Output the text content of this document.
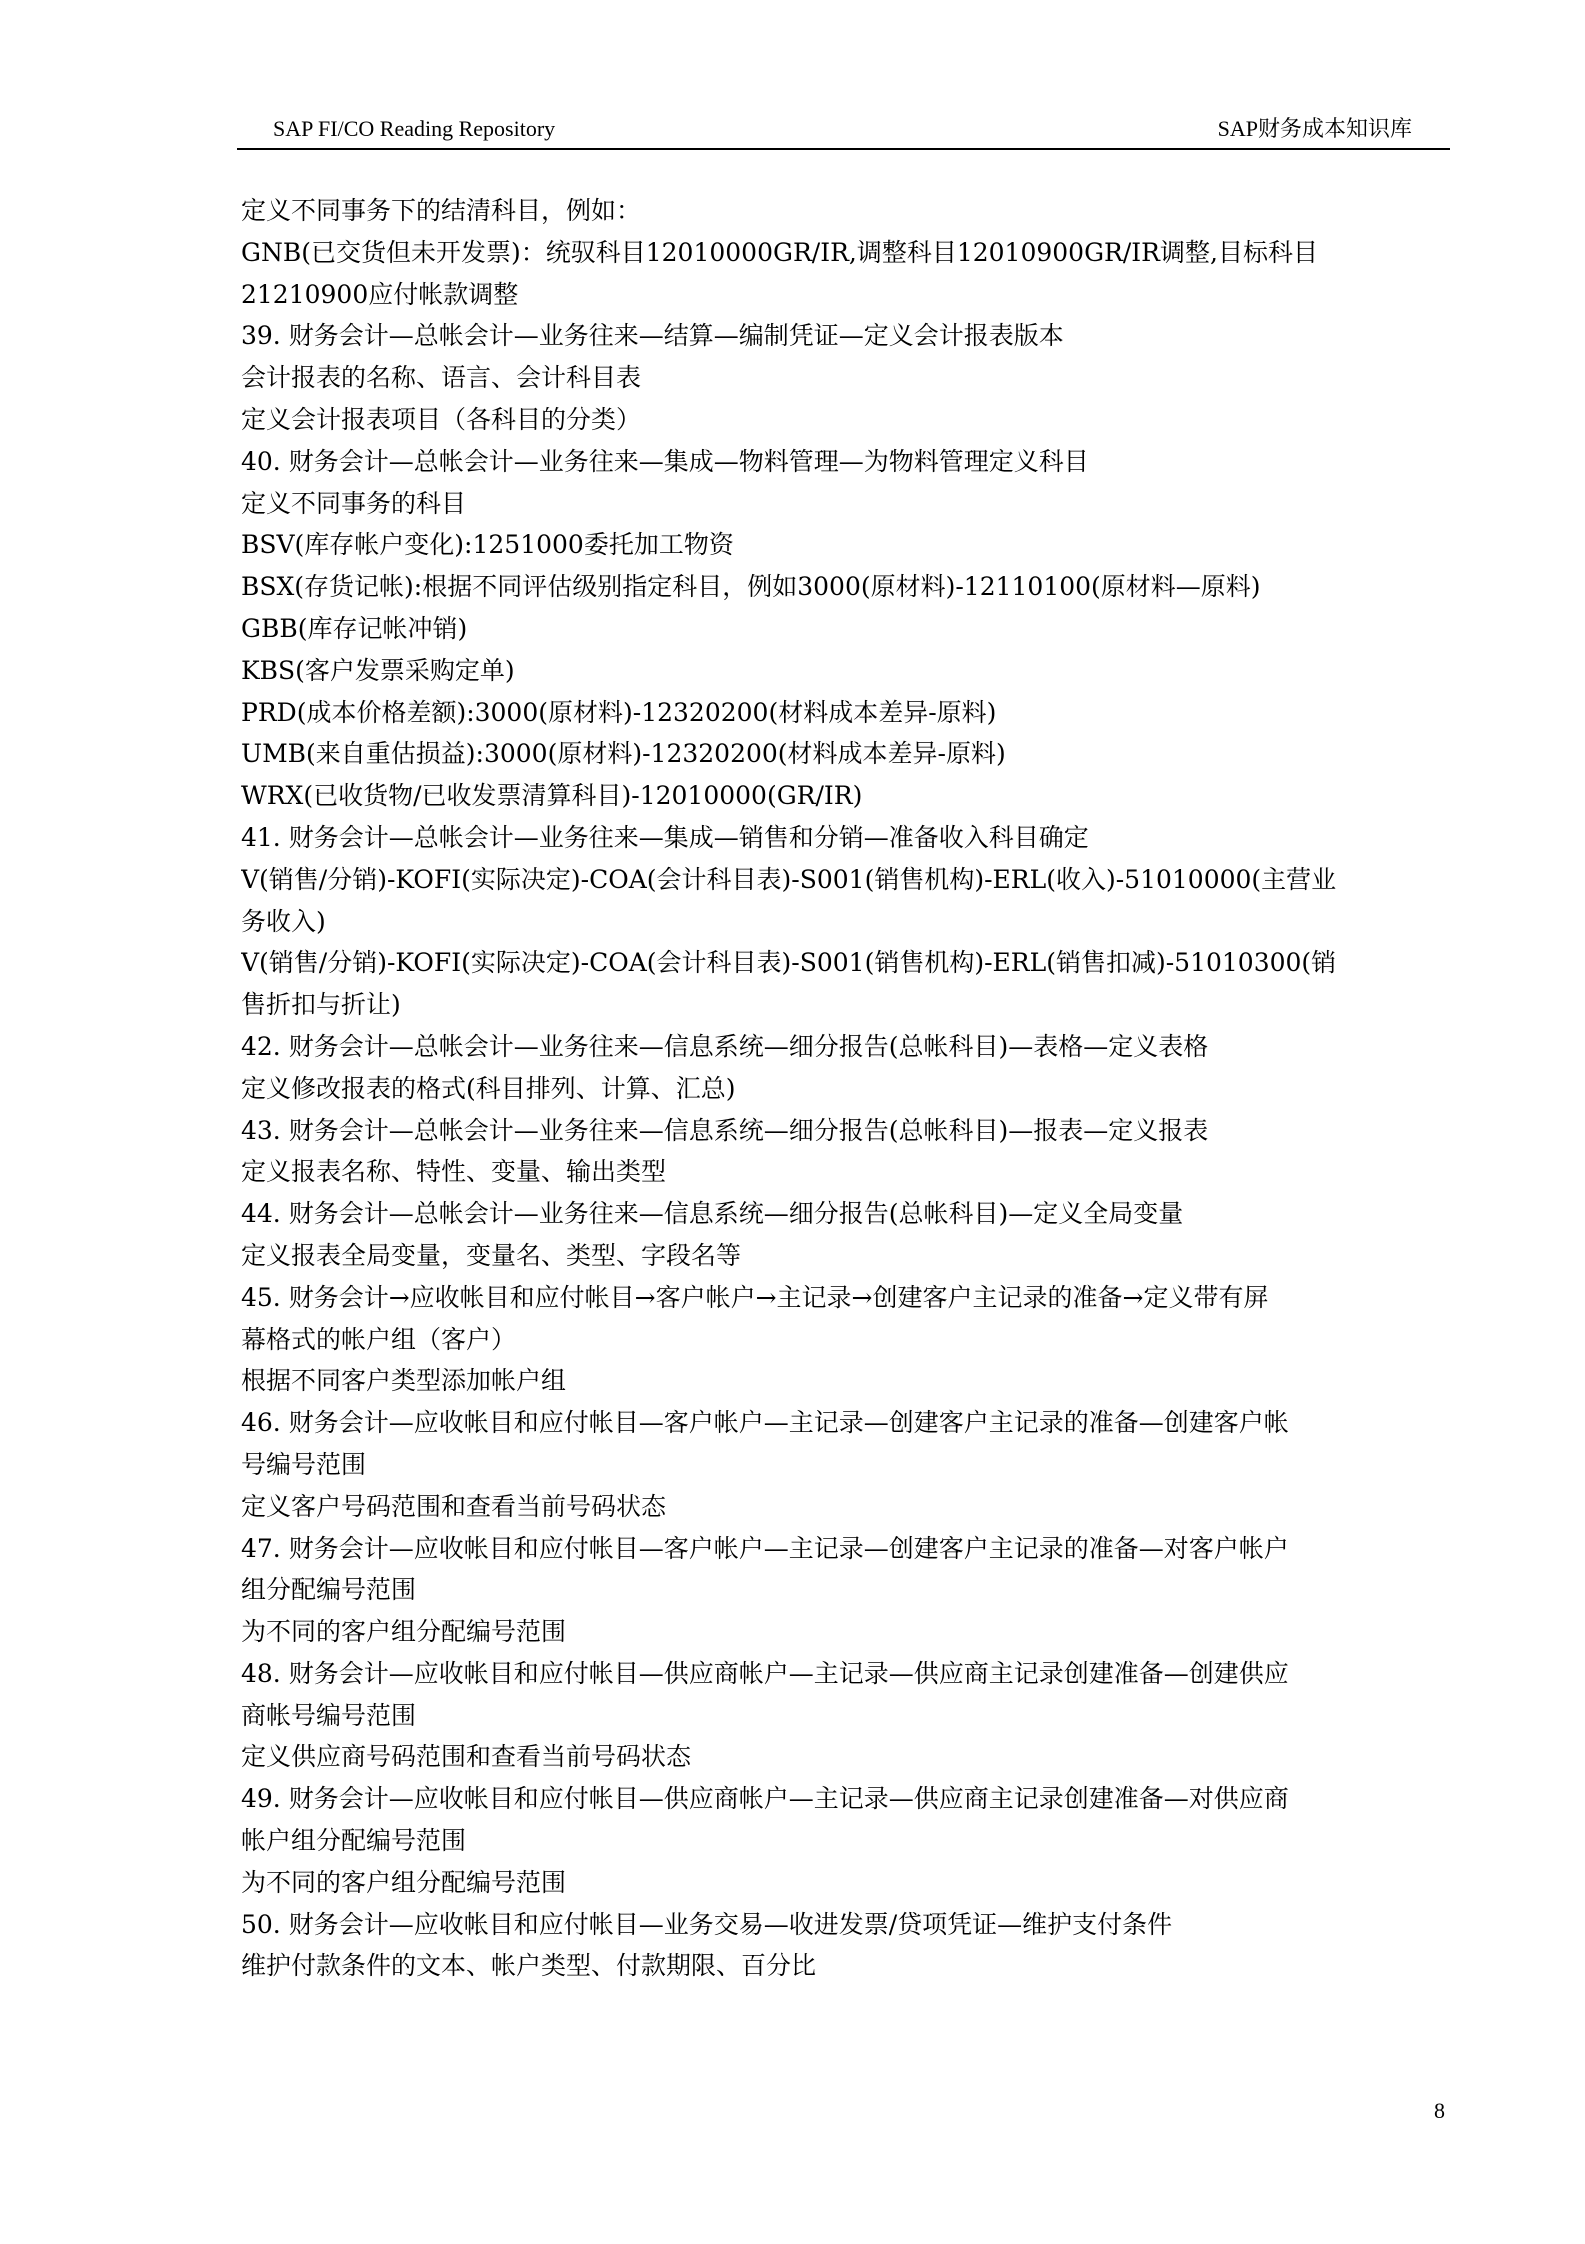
SAP FI/CO Reading Repository	SAP财务成本知识库
定义不同事务下的结清科目，例如：
GNB(已交货但未开发票)：统驭科目12010000GR/IR,调整科目12010900GR/IR调整,目标科目
21210900应付帐款调整
39. 财务会计—总帐会计—业务往来—结算—编制凭证—定义会计报表版本
会计报表的名称、语言、会计科目表
定义会计报表项目（各科目的分类）
40. 财务会计—总帐会计—业务往来—集成—物料管理—为物料管理定义科目
定义不同事务的科目
BSV(库存帐户变化):1251000委托加工物资
BSX(存货记帐):根据不同评估级别指定科目，例如3000(原材料)-12110100(原材料—原料)
GBB(库存记帐冲销)
KBS(客户发票采购定单)
PRD(成本价格差额):3000(原材料)-12320200(材料成本差异-原料)
UMB(来自重估损益):3000(原材料)-12320200(材料成本差异-原料)
WRX(已收货物/已收发票清算科目)-12010000(GR/IR)
41. 财务会计—总帐会计—业务往来—集成—销售和分销—准备收入科目确定
V(销售/分销)-KOFI(实际决定)-COA(会计科目表)-S001(销售机构)-ERL(收入)-51010000(主营业
务收入)
V(销售/分销)-KOFI(实际决定)-COA(会计科目表)-S001(销售机构)-ERL(销售扣减)-51010300(销
售折扣与折让)
42. 财务会计—总帐会计—业务往来—信息系统—细分报告(总帐科目)—表格—定义表格
定义修改报表的格式(科目排列、计算、汇总)
43. 财务会计—总帐会计—业务往来—信息系统—细分报告(总帐科目)—报表—定义报表
定义报表名称、特性、变量、输出类型
44. 财务会计—总帐会计—业务往来—信息系统—细分报告(总帐科目)—定义全局变量
定义报表全局变量，变量名、类型、字段名等
45. 财务会计→应收帐目和应付帐目→客户帐户→主记录→创建客户主记录的准备→定义带有屏
幕格式的帐户组（客户）
根据不同客户类型添加帐户组
46. 财务会计—应收帐目和应付帐目—客户帐户—主记录—创建客户主记录的准备—创建客户帐
号编号范围
定义客户号码范围和查看当前号码状态
47. 财务会计—应收帐目和应付帐目—客户帐户—主记录—创建客户主记录的准备—对客户帐户
组分配编号范围
为不同的客户组分配编号范围
48. 财务会计—应收帐目和应付帐目—供应商帐户—主记录—供应商主记录创建准备—创建供应
商帐号编号范围
定义供应商号码范围和查看当前号码状态
49. 财务会计—应收帐目和应付帐目—供应商帐户—主记录—供应商主记录创建准备—对供应商
帐户组分配编号范围
为不同的客户组分配编号范围
50. 财务会计—应收帐目和应付帐目—业务交易—收进发票/贷项凭证—维护支付条件
维护付款条件的文本、帐户类型、付款期限、百分比
8
